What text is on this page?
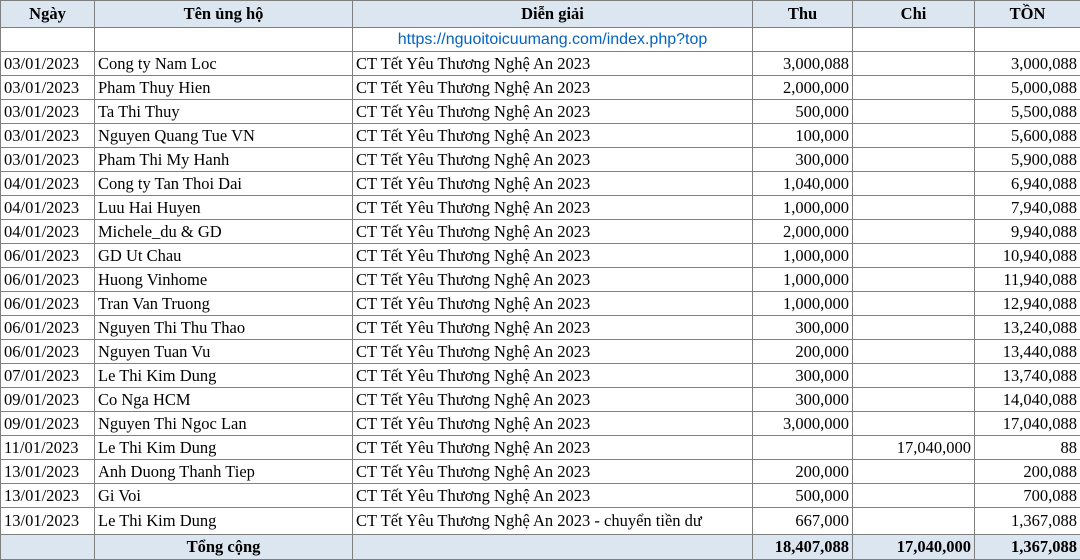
Ngày	Tên ủng hộ	Diễn giải	Thu	Chi	TỒN
		https://nguoitoicuumang.com/index.php?top			
03/01/2023	Cong ty Nam Loc	CT Tết Yêu Thương Nghệ An 2023	3,000,088		3,000,088
03/01/2023	Pham Thuy Hien	CT Tết Yêu Thương Nghệ An 2023	2,000,000		5,000,088
03/01/2023	Ta Thi Thuy	CT Tết Yêu Thương Nghệ An 2023	500,000		5,500,088
03/01/2023	Nguyen Quang Tue VN	CT Tết Yêu Thương Nghệ An 2023	100,000		5,600,088
03/01/2023	Pham Thi My Hanh	CT Tết Yêu Thương Nghệ An 2023	300,000		5,900,088
04/01/2023	Cong ty Tan Thoi Dai	CT Tết Yêu Thương Nghệ An 2023	1,040,000		6,940,088
04/01/2023	Luu Hai Huyen	CT Tết Yêu Thương Nghệ An 2023	1,000,000		7,940,088
04/01/2023	Michele_du & GD	CT Tết Yêu Thương Nghệ An 2023	2,000,000		9,940,088
06/01/2023	GD Ut Chau	CT Tết Yêu Thương Nghệ An 2023	1,000,000		10,940,088
06/01/2023	Huong Vinhome	CT Tết Yêu Thương Nghệ An 2023	1,000,000		11,940,088
06/01/2023	Tran Van Truong	CT Tết Yêu Thương Nghệ An 2023	1,000,000		12,940,088
06/01/2023	Nguyen Thi Thu Thao	CT Tết Yêu Thương Nghệ An 2023	300,000		13,240,088
06/01/2023	Nguyen Tuan Vu	CT Tết Yêu Thương Nghệ An 2023	200,000		13,440,088
07/01/2023	Le Thi Kim Dung	CT Tết Yêu Thương Nghệ An 2023	300,000		13,740,088
09/01/2023	Co Nga HCM	CT Tết Yêu Thương Nghệ An 2023	300,000		14,040,088
09/01/2023	Nguyen Thi Ngoc Lan	CT Tết Yêu Thương Nghệ An 2023	3,000,000		17,040,088
11/01/2023	Le Thi Kim Dung	CT Tết Yêu Thương Nghệ An 2023		17,040,000	88
13/01/2023	Anh Duong Thanh Tiep	CT Tết Yêu Thương Nghệ An 2023	200,000		200,088
13/01/2023	Gi Voi	CT Tết Yêu Thương Nghệ An 2023	500,000		700,088
13/01/2023	Le Thi Kim Dung	CT Tết Yêu Thương Nghệ An 2023 - chuyển tiền dư	667,000		1,367,088
	Tổng cộng		18,407,088	17,040,000	1,367,088
